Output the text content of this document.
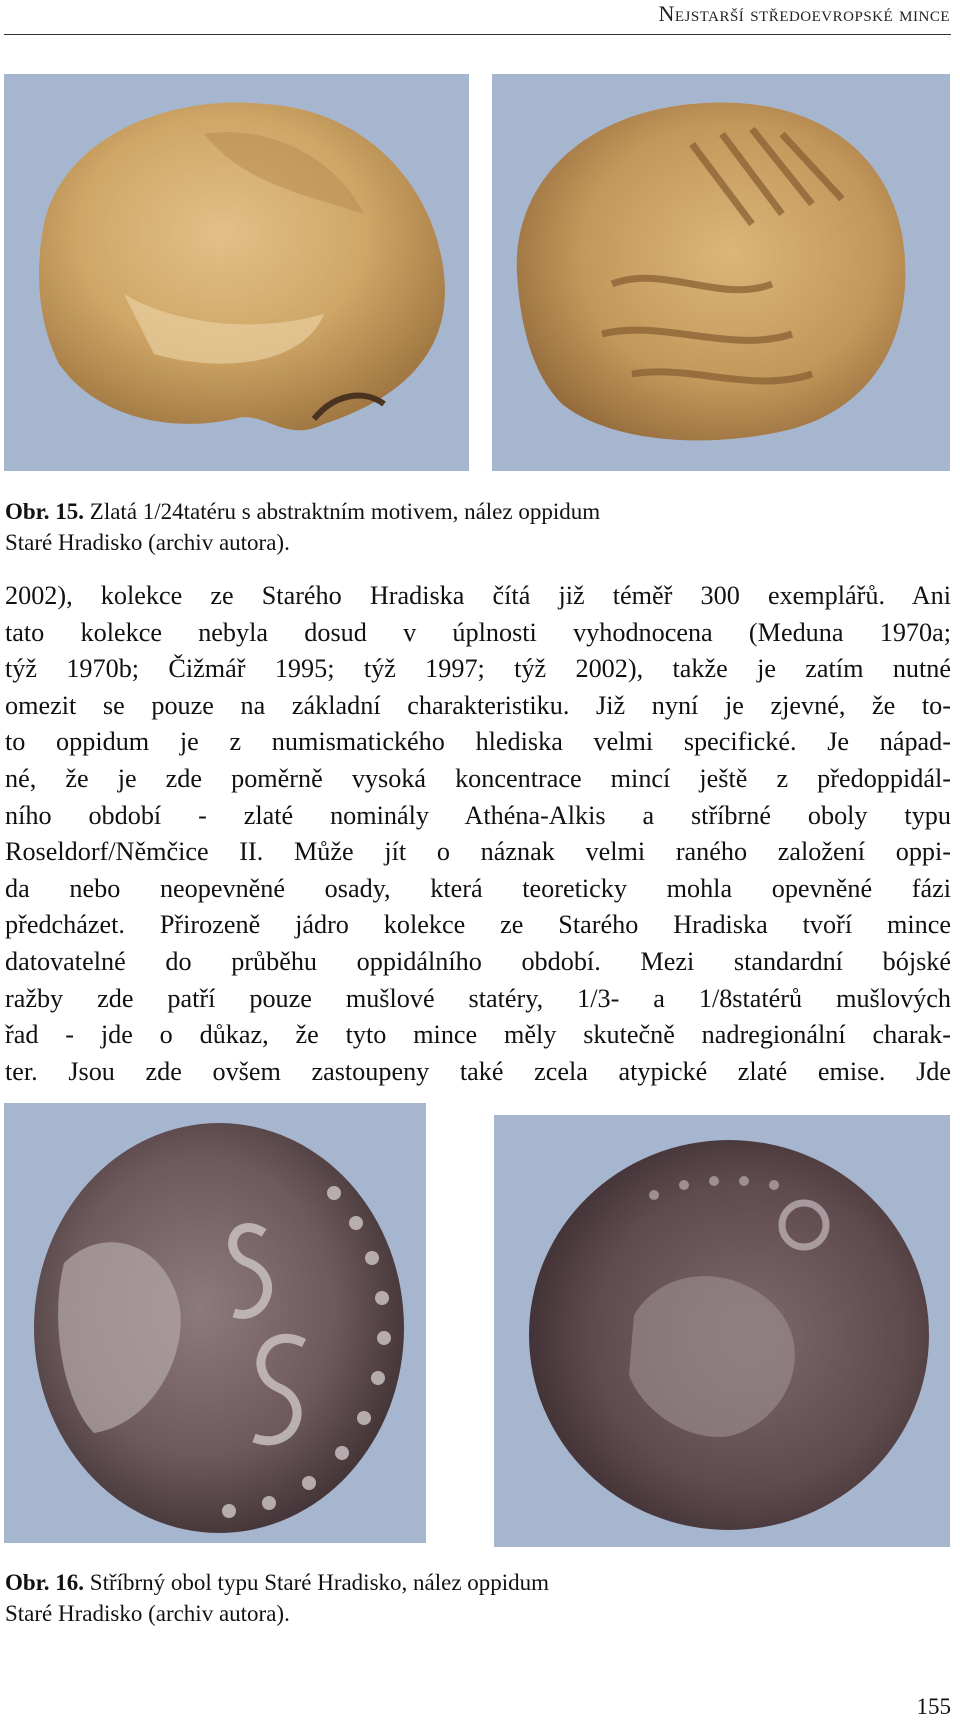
Nejstarší středoevropské mince
Obr. 15. Zlatá 1/24tatéru s abstraktním motivem, nález oppidum
Staré Hradisko (archiv autora).
2002), kolekce ze Starého Hradiska čítá již téměř 300 exemplářů. Ani
tato kolekce nebyla dosud v úplnosti vyhodnocena (Meduna 1970a;
týž 1970b; Čižmář 1995; týž 1997; týž 2002), takže je zatím nutné
omezit se pouze na základní charakteristiku. Již nyní je zjevné, že to-
to oppidum je z numismatického hlediska velmi specifické. Je nápad-
né, že je zde poměrně vysoká koncentrace mincí ještě z předoppidál-
ního období - zlaté nominály Athéna-Alkis a stříbrné oboly typu
Roseldorf/Němčice II. Může jít o náznak velmi raného založení oppi-
da nebo neopevněné osady, která teoreticky mohla opevněné fázi
předcházet. Přirozeně jádro kolekce ze Starého Hradiska tvoří mince
datovatelné do průběhu oppidálního období. Mezi standardní bójské
ražby zde patří pouze mušlové statéry, 1/3- a 1/8statérů mušlových
řad - jde o důkaz, že tyto mince měly skutečně nadregionální charak-
ter. Jsou zde ovšem zastoupeny také zcela atypické zlaté emise. Jde
Obr. 16. Stříbrný obol typu Staré Hradisko, nález oppidum
Staré Hradisko (archiv autora).
155
